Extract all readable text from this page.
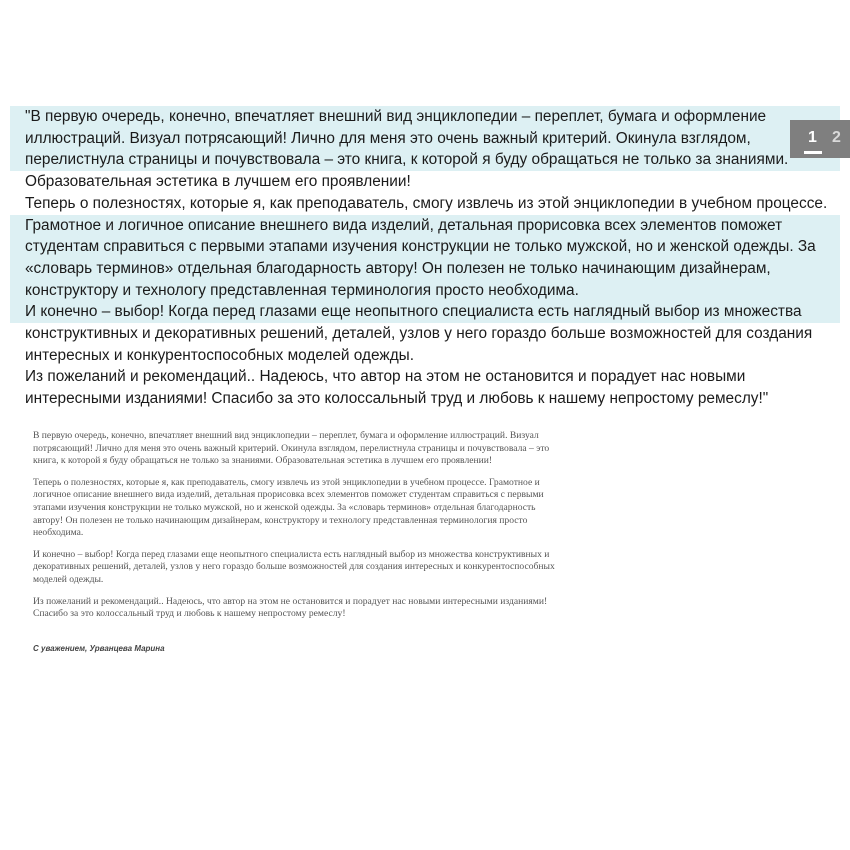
"В первую очередь, конечно, впечатляет внешний вид энциклопедии – переплет, бумага и оформление
иллюстраций. Визуал потрясающий! Лично для меня это очень важный критерий. Окинула взглядом,
перелистнула страницы и почувствовала – это книга, к которой я буду обращаться не только за знаниями.
Образовательная эстетика в лучшем его проявлении!
Теперь о полезностях, которые я, как преподаватель, смогу извлечь из этой энциклопедии в учебном процессе.
Грамотное и логичное описание внешнего вида изделий, детальная прорисовка всех элементов поможет
студентам справиться с первыми этапами изучения конструкции не только мужской, но и женской одежды. За
«словарь терминов» отдельная благодарность автору! Он полезен не только начинающим дизайнерам,
конструктору и технологу представленная терминология просто необходима.
И конечно – выбор! Когда перед глазами еще неопытного специалиста есть наглядный выбор из множества
конструктивных и декоративных решений, деталей, узлов у него гораздо больше возможностей для создания
интересных и конкурентоспособных моделей одежды.
Из пожеланий и рекомендаций.. Надеюсь, что автор на этом не остановится и порадует нас новыми
интересными изданиями! Спасибо за это колоссальный труд и любовь к нашему непростому ремеслу!"
1 2

В первую очередь, конечно, впечатляет внешний вид энциклопедии – переплет, бумага и оформление иллюстраций. Визуал
потрясающий! Лично для меня это очень важный критерий. Окинула взглядом, перелистнула страницы и почувствовала – это
книга, к которой я буду обращаться не только за знаниями. Образовательная эстетика в лучшем его проявлении!

Теперь о полезностях, которые я, как преподаватель, смогу извлечь из этой энциклопедии в учебном процессе. Грамотное и
логичное описание внешнего вида изделий, детальная прорисовка всех элементов поможет студентам справиться с первыми
этапами изучения конструкции не только мужской, но и женской одежды. За «словарь терминов» отдельная благодарность
автору! Он полезен не только начинающим дизайнерам, конструктору и технологу представленная терминология просто
необходима.

И конечно – выбор! Когда перед глазами еще неопытного специалиста есть наглядный выбор из множества конструктивных и
декоративных решений, деталей, узлов у него гораздо больше возможностей для создания интересных и конкурентоспособных
моделей одежды.

Из пожеланий и рекомендаций.. Надеюсь, что автор на этом не остановится и порадует нас новыми интересными изданиями!
Спасибо за это колоссальный труд и любовь к нашему непростому ремеслу!

С уважением, Урванцева Марина
